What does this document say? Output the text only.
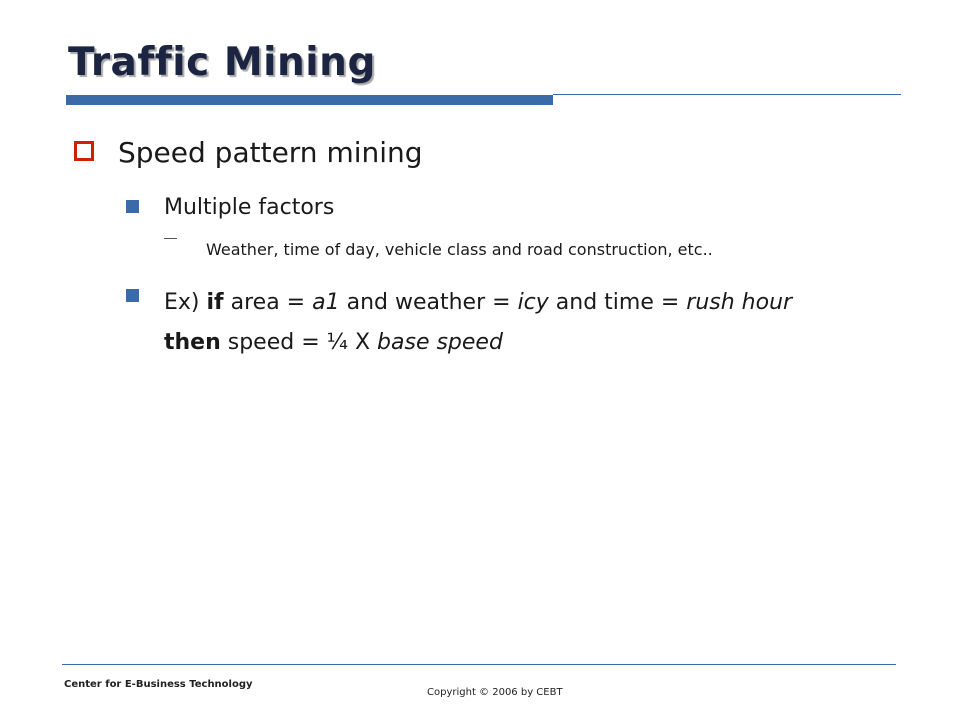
Traffic Mining
Speed pattern mining
Multiple factors
Weather, time of day, vehicle class and road construction, etc..
Ex) if area = a1 and weather = icy and time = rush hour
then speed = ¼ X base speed
Center for E-Business Technology
Copyright © 2006 by CEBT
